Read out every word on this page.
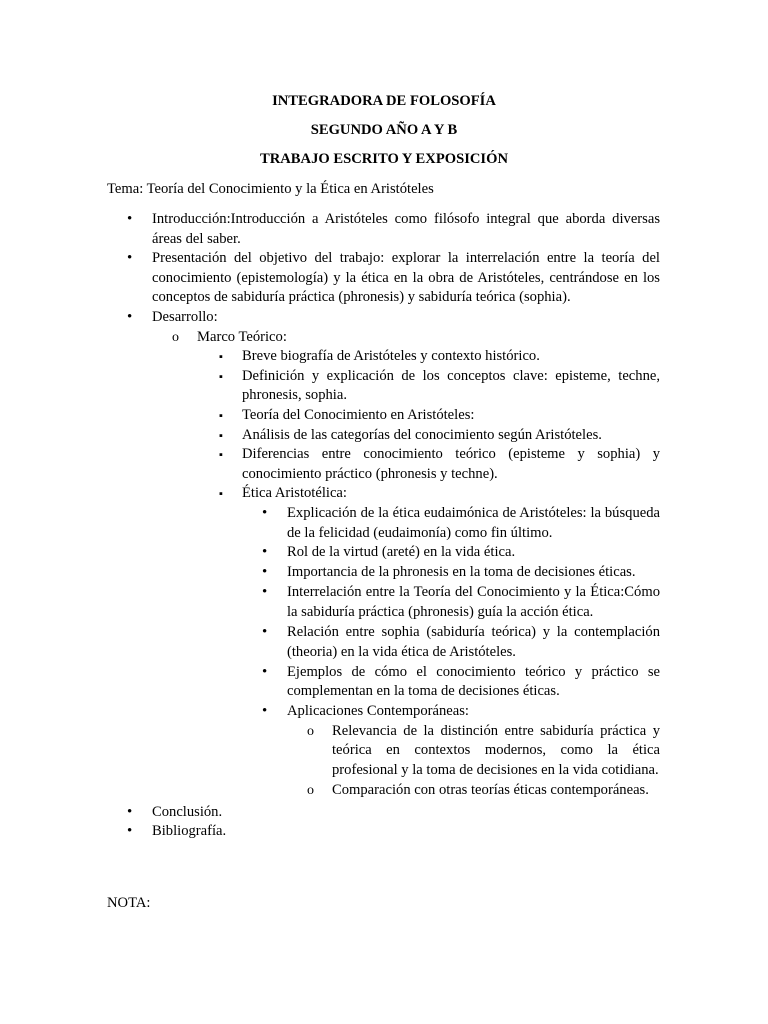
INTEGRADORA DE FOLOSOFÍA

SEGUNDO AÑO A Y B

TRABAJO ESCRITO Y EXPOSICIÓN

Tema: Teoría del Conocimiento y la Ética en Aristóteles

• Introducción:Introducción a Aristóteles como filósofo integral que aborda diversas áreas del saber.
• Presentación del objetivo del trabajo: explorar la interrelación entre la teoría del conocimiento (epistemología) y la ética en la obra de Aristóteles, centrándose en los conceptos de sabiduría práctica (phronesis) y sabiduría teórica (sophia).
• Desarrollo:
o Marco Teórico:
▪ Breve biografía de Aristóteles y contexto histórico.
▪ Definición y explicación de los conceptos clave: episteme, techne, phronesis, sophia.
▪ Teoría del Conocimiento en Aristóteles:
▪ Análisis de las categorías del conocimiento según Aristóteles.
▪ Diferencias entre conocimiento teórico (episteme y sophia) y conocimiento práctico (phronesis y techne).
▪ Ética Aristotélica:
• Explicación de la ética eudaimónica de Aristóteles: la búsqueda de la felicidad (eudaimonía) como fin último.
• Rol de la virtud (areté) en la vida ética.
• Importancia de la phronesis en la toma de decisiones éticas.
• Interrelación entre la Teoría del Conocimiento y la Ética:Cómo la sabiduría práctica (phronesis) guía la acción ética.
• Relación entre sophia (sabiduría teórica) y la contemplación (theoria) en la vida ética de Aristóteles.
• Ejemplos de cómo el conocimiento teórico y práctico se complementan en la toma de decisiones éticas.
• Aplicaciones Contemporáneas:
o Relevancia de la distinción entre sabiduría práctica y teórica en contextos modernos, como la ética profesional y la toma de decisiones en la vida cotidiana.
o Comparación con otras teorías éticas contemporáneas.
• Conclusión.
• Bibliografía.

NOTA:
